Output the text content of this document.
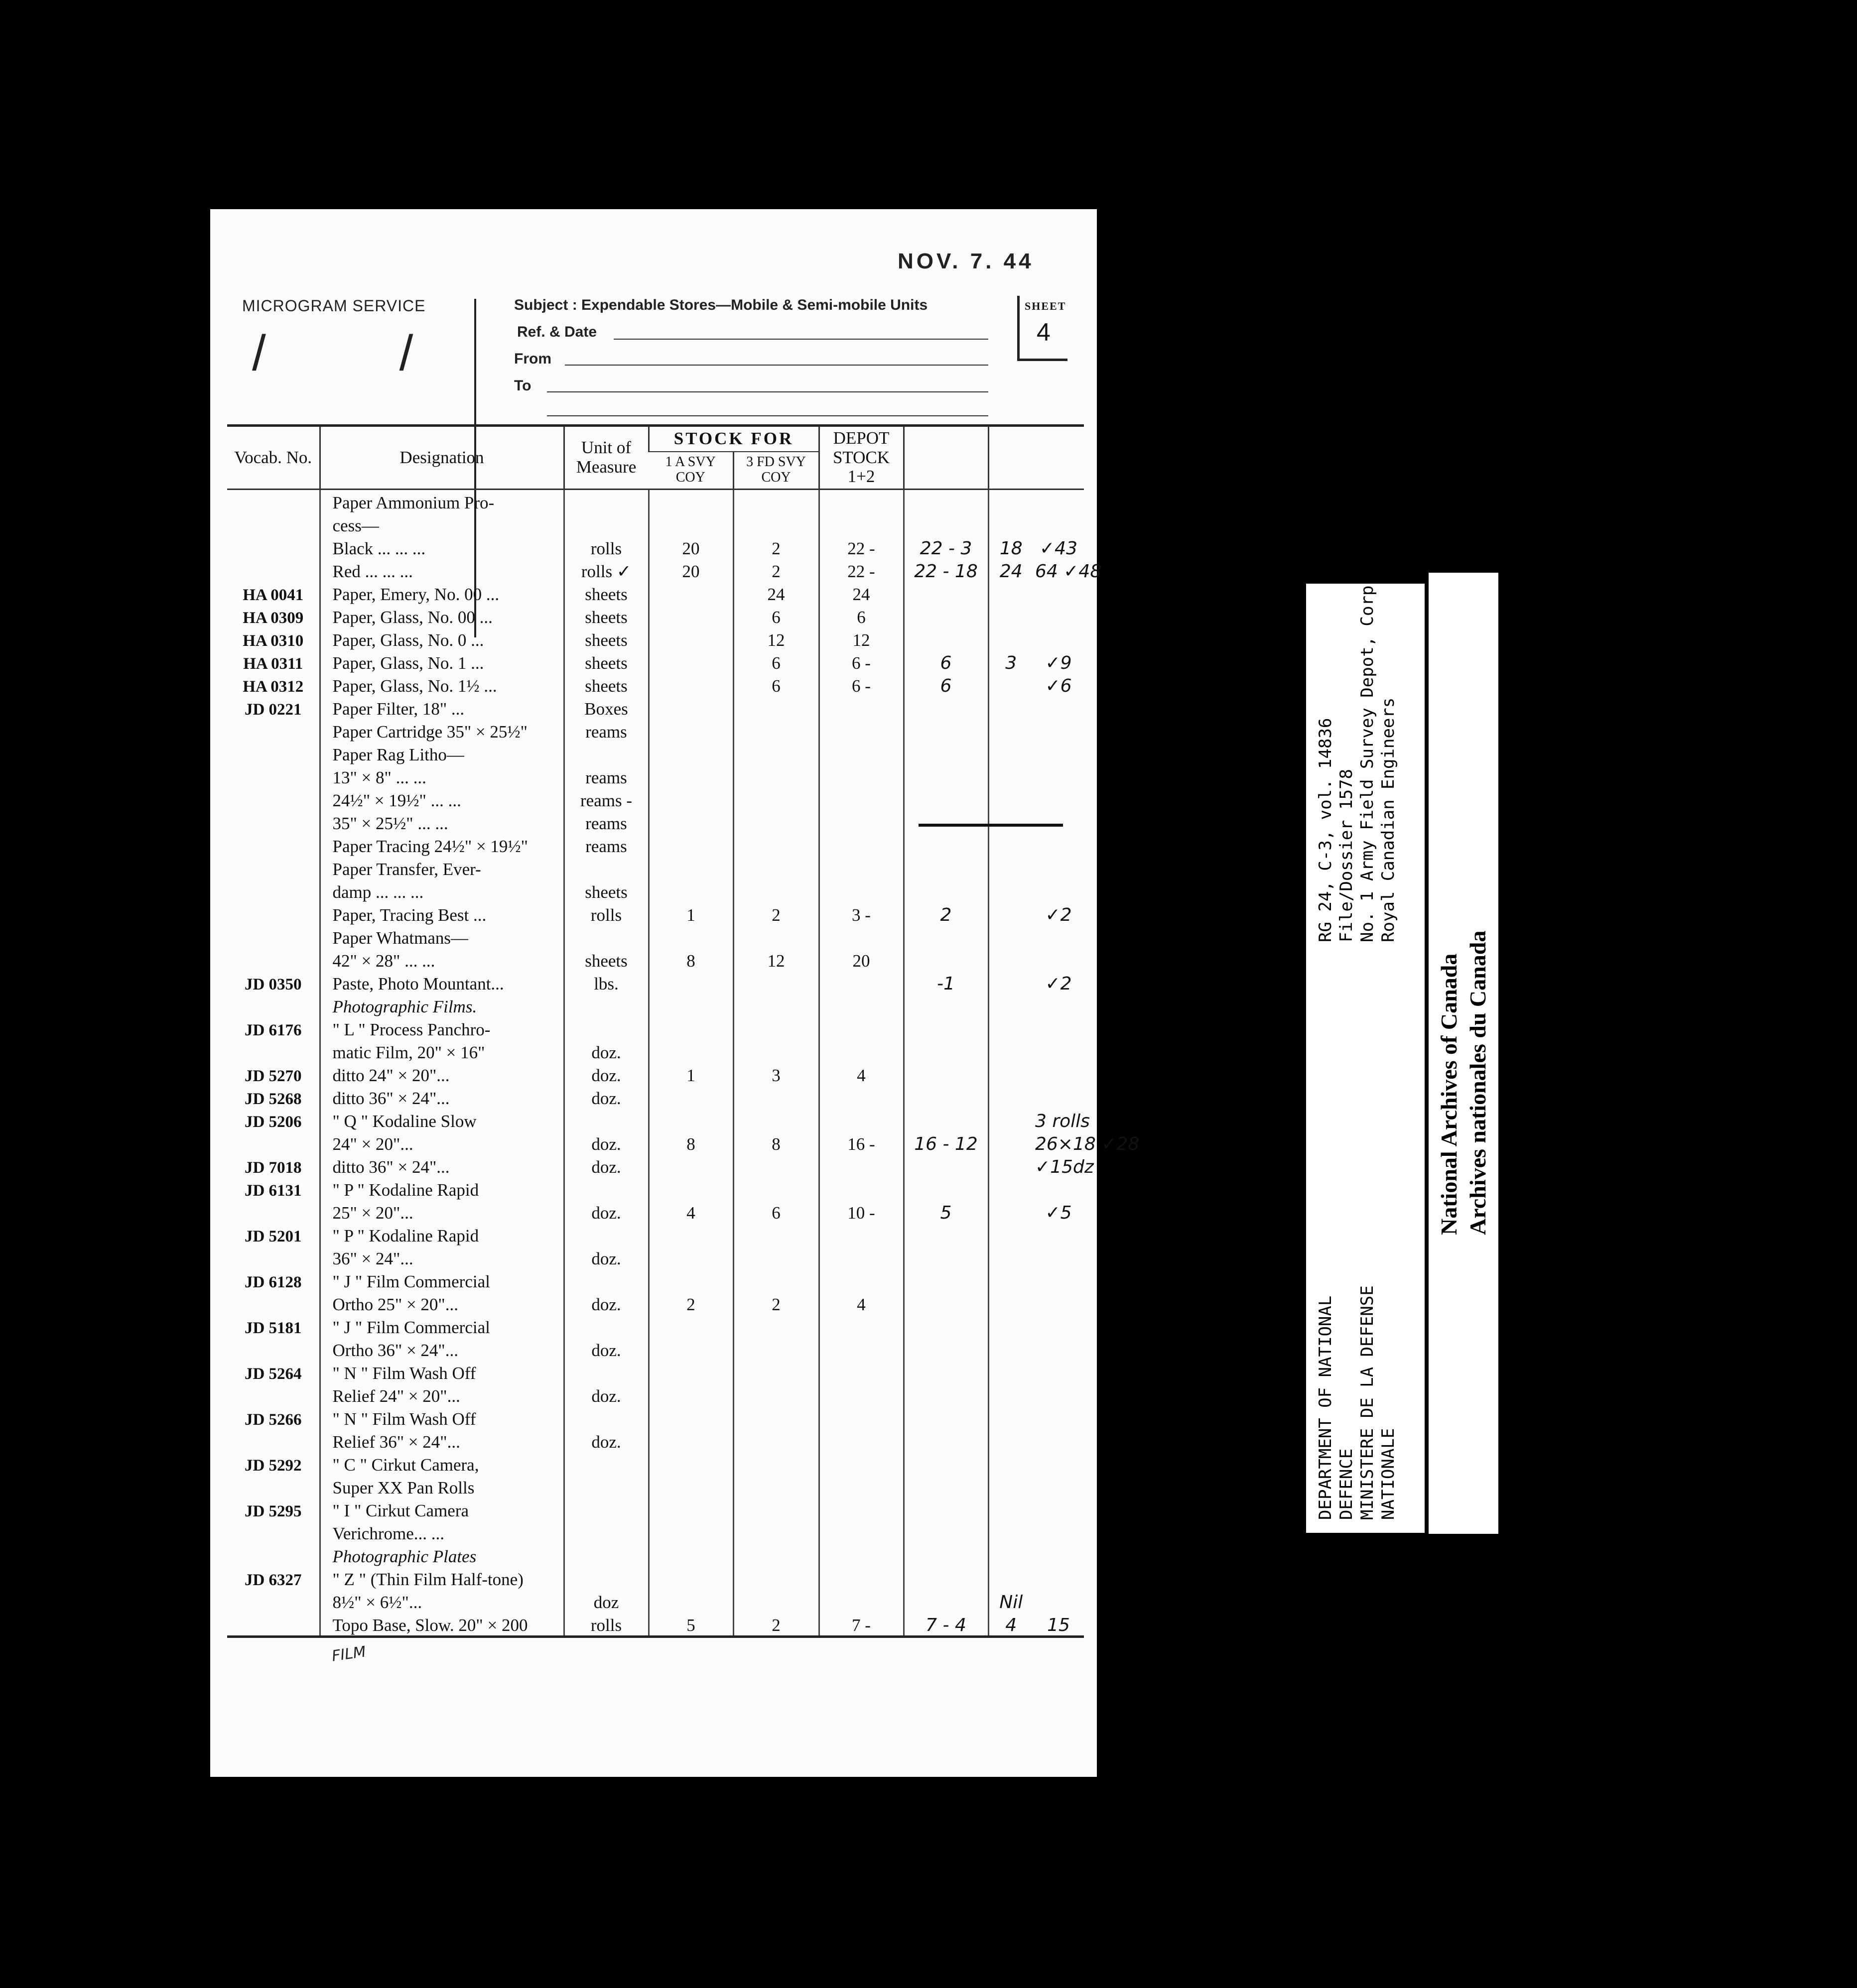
NOV. 7. 44
MICROGRAM SERVICE
/ /
Subject : Expendable Stores—Mobile & Semi-mobile Units
Ref. & Date
From
To
SHEET
4
Vocab. No.	Designation	Unit of Measure	STOCK FOR		DEPOT STOCK 1+2			
			1 A SVY COY	3 FD SVY COY				
	Paper Ammonium Pro-							
	cess—							
	Black ... ... ...	rolls	20	2	22 -	22 - 3	18	✓43
	Red ... ... ...	rolls ✓	20	2	22 -	22 - 18	24	64 ✓48
HA 0041	Paper, Emery, No. 00 ...	sheets		24	24			
HA 0309	Paper, Glass, No. 00 ...	sheets		6	6			
HA 0310	Paper, Glass, No. 0 ...	sheets		12	12			
HA 0311	Paper, Glass, No. 1 ...	sheets		6	6 -	6	3	✓9
HA 0312	Paper, Glass, No. 1½ ...	sheets		6	6 -	6		✓6
JD 0221	Paper Filter, 18" ...	Boxes						
	Paper Cartridge 35" × 25½"	reams						
	Paper Rag Litho—							
	13" × 8" ... ...	reams						
	24½" × 19½" ... ...	reams -						
	35" × 25½" ... ...	reams						
	Paper Tracing 24½" × 19½"	reams						
	Paper Transfer, Ever-							
	damp ... ... ...	sheets						
	Paper, Tracing Best ...	rolls	1	2	3 -	2		✓2
	Paper Whatmans—							
	42" × 28" ... ...	sheets	8	12	20			
JD 0350	Paste, Photo Mountant...	lbs.				-1		✓2
	Photographic Films.							
JD 6176	" L " Process Panchro-							
	matic Film, 20" × 16"	doz.						
JD 5270	ditto 24" × 20"...	doz.	1	3	4			
JD 5268	ditto 36" × 24"...	doz.						
JD 5206	" Q " Kodaline Slow							3 rolls
	24" × 20"...	doz.	8	8	16 -	16 - 12		26×18 ✓28
JD 7018	ditto 36" × 24"...	doz.						✓15dz
JD 6131	" P " Kodaline Rapid							
	25" × 20"...	doz.	4	6	10 -	5		✓5
JD 5201	" P " Kodaline Rapid							
	36" × 24"...	doz.						
JD 6128	" J " Film Commercial							
	Ortho 25" × 20"...	doz.	2	2	4			
JD 5181	" J " Film Commercial							
	Ortho 36" × 24"...	doz.						
JD 5264	" N " Film Wash Off							
	Relief 24" × 20"...	doz.						
JD 5266	" N " Film Wash Off							
	Relief 36" × 24"...	doz.						
JD 5292	" C " Cirkut Camera,							
	Super XX Pan Rolls							
JD 5295	" I " Cirkut Camera							
	Verichrome... ...							
	Photographic Plates							
JD 6327	" Z " (Thin Film Half-tone)							
	8½" × 6½"...	doz					Nil	
	Topo Base, Slow. 20" × 200	rolls	5	2	7 -	7 - 4	4	15
FILM
DEPARTMENT OF NATIONAL DEFENCE MINISTERE DE LA DEFENSE NATIONALE
RG 24, C-3, vol. 14836 File/Dossier 1578 No. 1 Army Field Survey Depot, Corps Royal Canadian Engineers
National Archives of Canada Archives nationales du Canada
